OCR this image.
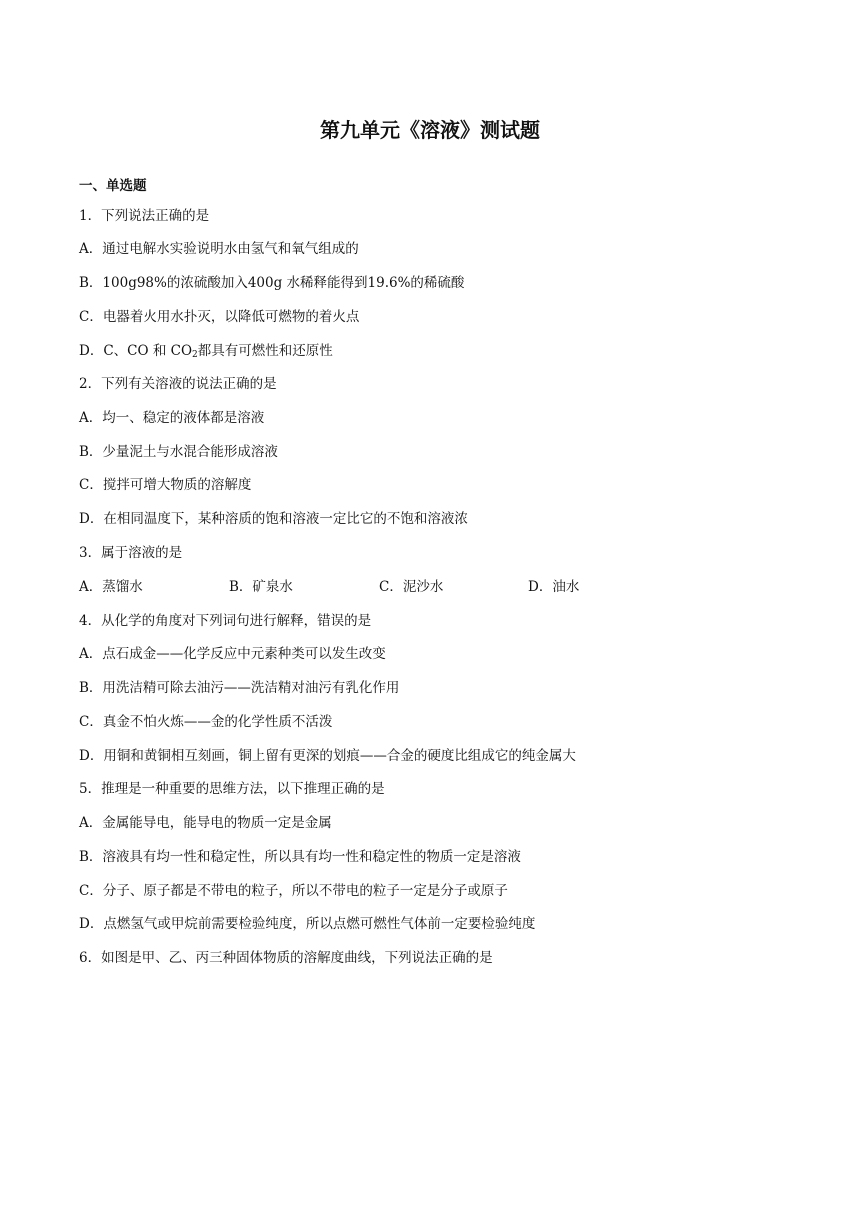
第九单元《溶液》测试题
一、单选题
1．下列说法正确的是
A．通过电解水实验说明水由氢气和氧气组成的
B．100g98%的浓硫酸加入400g 水稀释能得到19.6%的稀硫酸
C．电器着火用水扑灭，以降低可燃物的着火点
D．C、CO 和 $CO_2$都具有可燃性和还原性
2．下列有关溶液的说法正确的是
A．均一、稳定的液体都是溶液
B．少量泥土与水混合能形成溶液
C．搅拌可增大物质的溶解度
D．在相同温度下，某种溶质的饱和溶液一定比它的不饱和溶液浓
3．属于溶液的是
A．蒸馏水	B．矿泉水	C．泥沙水	D．油水
4．从化学的角度对下列词句进行解释，错误的是
A．点石成金——化学反应中元素种类可以发生改变
B．用洗洁精可除去油污——洗洁精对油污有乳化作用
C．真金不怕火炼——金的化学性质不活泼
D．用铜和黄铜相互刻画，铜上留有更深的划痕——合金的硬度比组成它的纯金属大
5．推理是一种重要的思维方法，以下推理正确的是
A．金属能导电，能导电的物质一定是金属
B．溶液具有均一性和稳定性，所以具有均一性和稳定性的物质一定是溶液
C．分子、原子都是不带电的粒子，所以不带电的粒子一定是分子或原子
D．点燃氢气或甲烷前需要检验纯度，所以点燃可燃性气体前一定要检验纯度
6．如图是甲、乙、丙三种固体物质的溶解度曲线，下列说法正确的是
